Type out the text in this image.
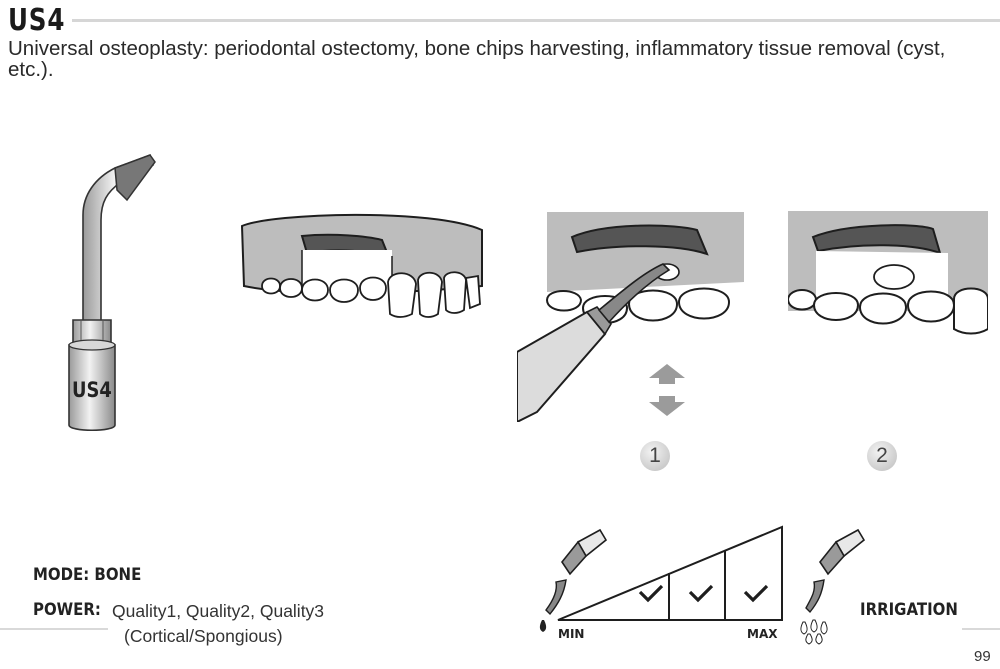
US4
Universal osteoplasty: periodontal ostectomy, bone chips harvesting, inflammatory tissue removal (cyst, etc.).
US4
1	2
MODE: BONE
POWER: Quality1, Quality2, Quality3
(Cortical/Spongious)	MIN	MAX
IRRIGATION
99
